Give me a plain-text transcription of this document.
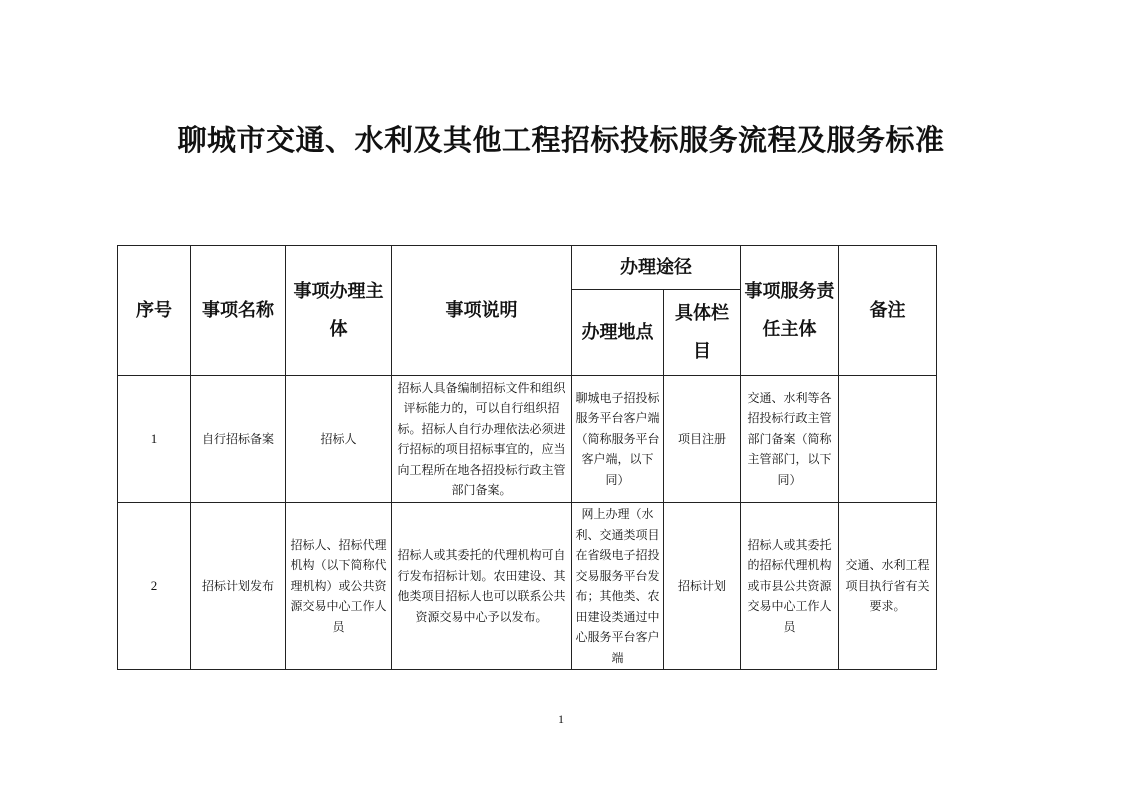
聊城市交通、水利及其他工程招标投标服务流程及服务标准
序号	事项名称	事项办理主体	事项说明	办理途径		事项服务责任主体	备注
				办理地点	具体栏目		
1	自行招标备案	招标人	招标人具备编制招标文件和组织评标能力的，可以自行组织招标。招标人自行办理依法必须进行招标的项目招标事宜的，应当向工程所在地各招投标行政主管部门备案。	聊城电子招投标服务平台客户端（简称服务平台客户端，以下同）	项目注册	交通、水利等各招投标行政主管部门备案（简称主管部门，以下同）	
2	招标计划发布	招标人、招标代理机构（以下简称代理机构）或公共资源交易中心工作人员	招标人或其委托的代理机构可自行发布招标计划。农田建设、其他类项目招标人也可以联系公共资源交易中心予以发布。	网上办理（水利、交通类项目在省级电子招投交易服务平台发布；其他类、农田建设类通过中心服务平台客户端	招标计划	招标人或其委托的招标代理机构或市县公共资源交易中心工作人员	交通、水利工程项目执行省有关要求。
1
